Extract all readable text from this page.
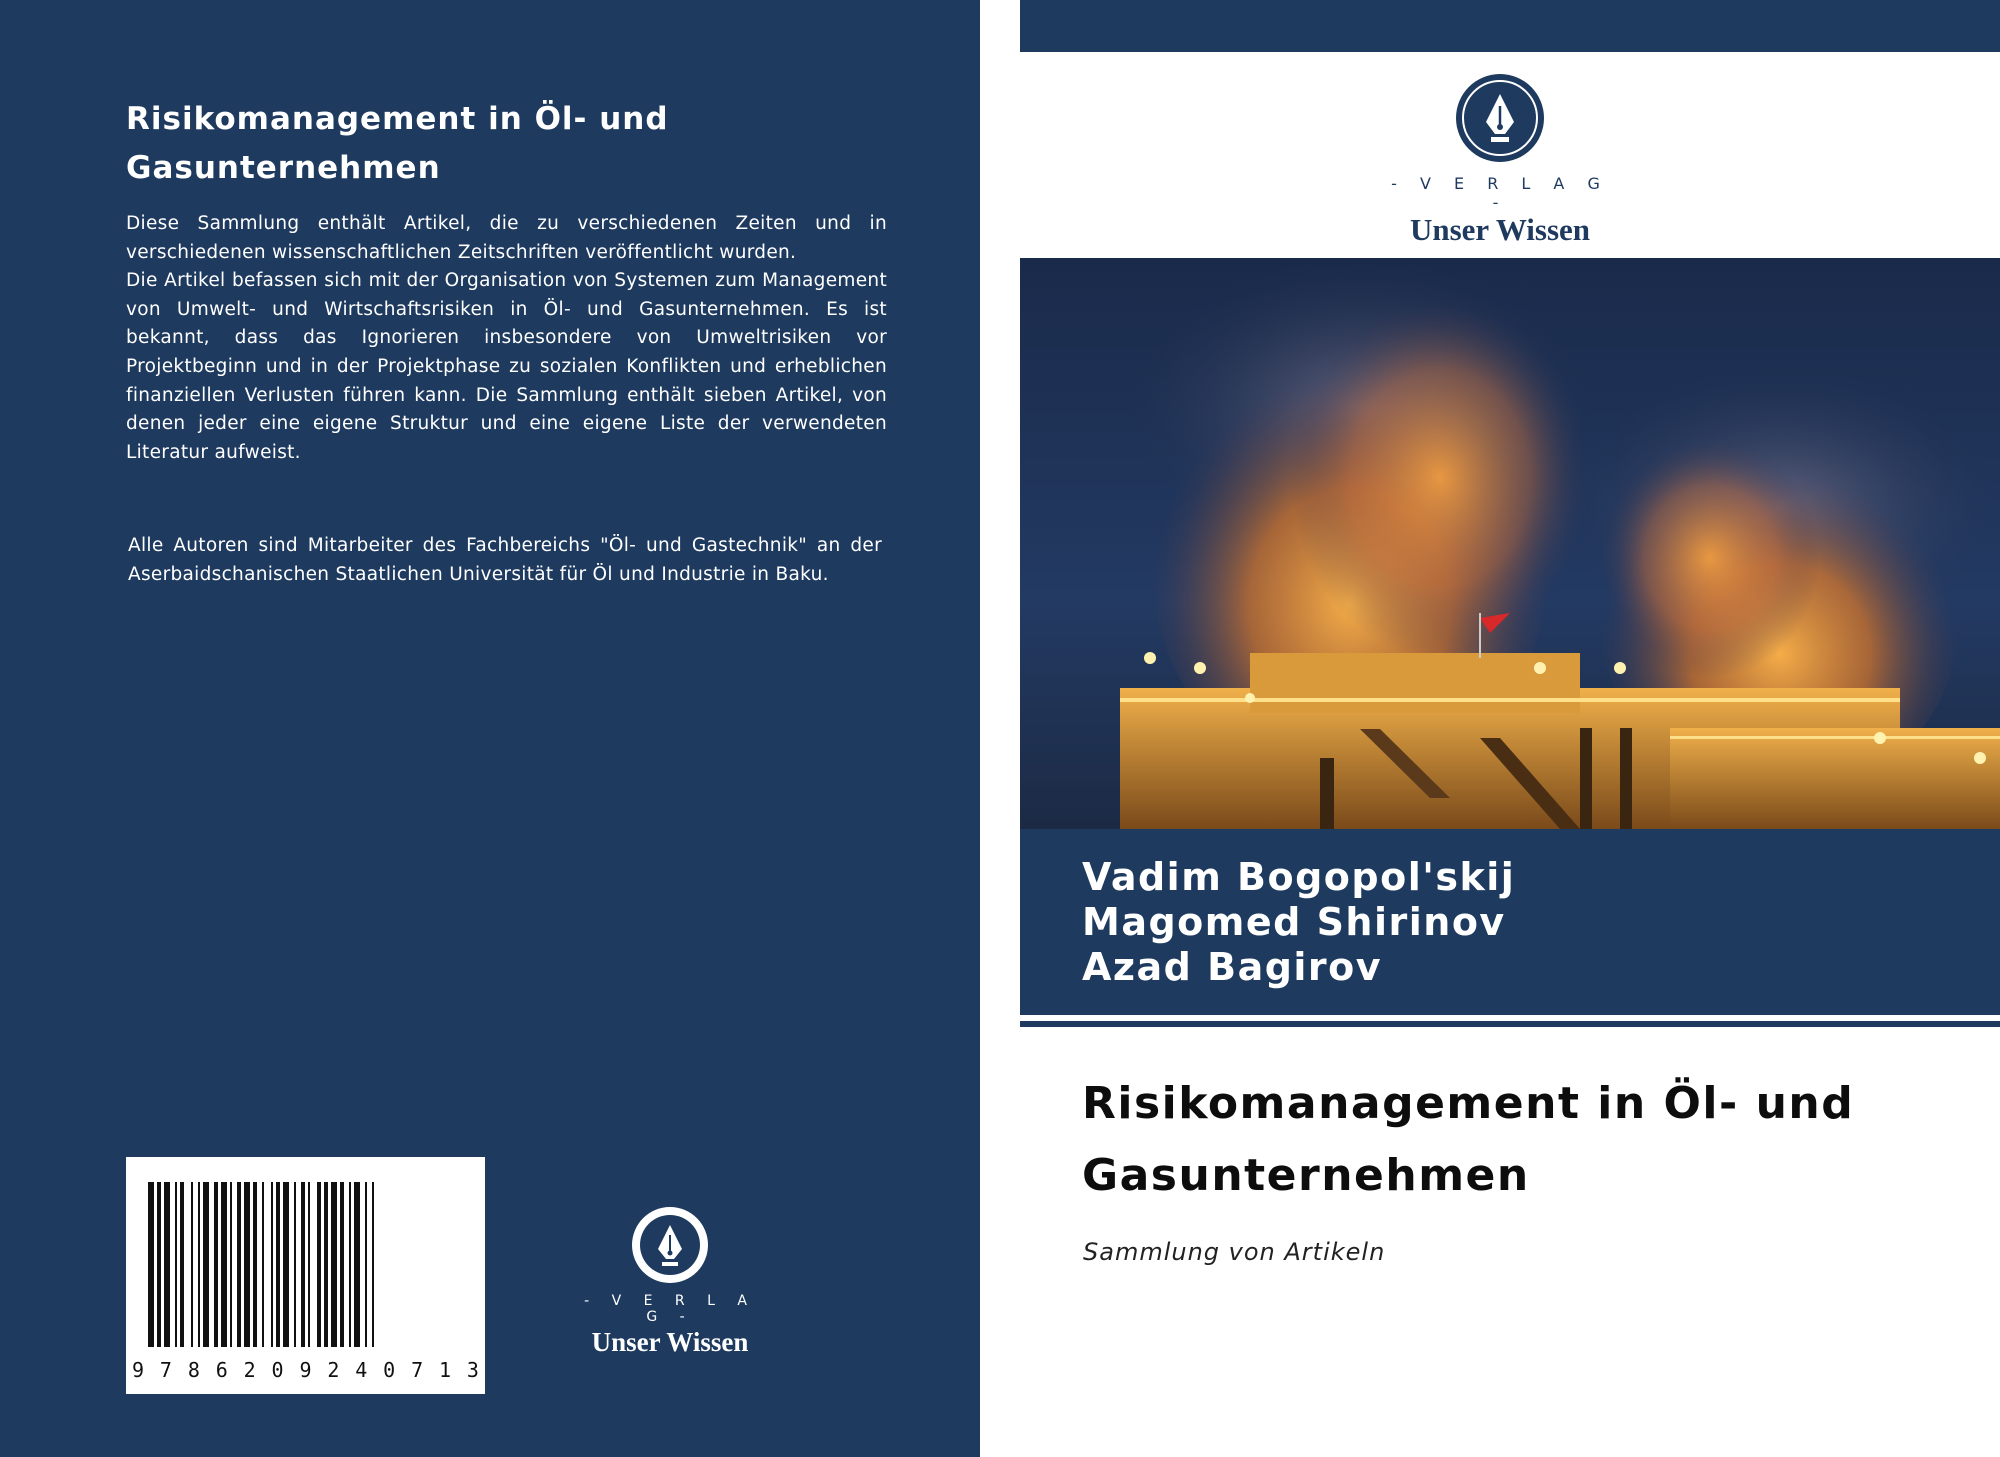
Risikomanagement in Öl- und Gasunternehmen

Diese Sammlung enthält Artikel, die zu verschiedenen Zeiten und in verschiedenen wissenschaftlichen Zeitschriften veröffentlicht wurden.

Die Artikel befassen sich mit der Organisation von Systemen zum Management von Umwelt- und Wirtschaftsrisiken in Öl- und Gasunternehmen. Es ist bekannt, dass das Ignorieren insbesondere von Umweltrisiken vor Projektbeginn und in der Projektphase zu sozialen Konflikten und erheblichen finanziellen Verlusten führen kann. Die Sammlung enthält sieben Artikel, von denen jeder eine eigene Struktur und eine eigene Liste der verwendeten Literatur aufweist.

Alle Autoren sind Mitarbeiter des Fachbereichs "Öl- und Gastechnik" an der Aserbaidschanischen Staatlichen Universität für Öl und Industrie in Baku.
9 7 8 6 2 0 9 2 4 0 7 1 3
- V E R L A G -
Unser Wissen
- V E R L A G -
Unser Wissen
Vadim Bogopol'skij
Magomed Shirinov
Azad Bagirov
Risikomanagement in Öl- und Gasunternehmen
Sammlung von Artikeln
